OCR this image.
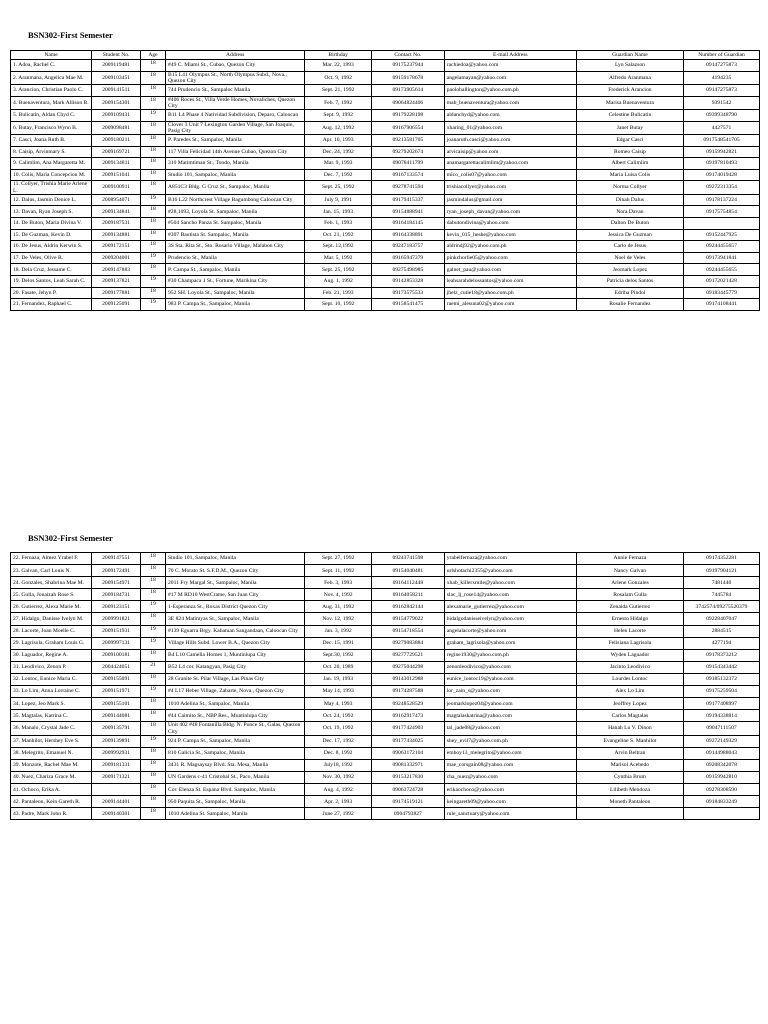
BSN302-First Semester
Name	Student No.	Age	Address	Birthday	Contact No.	E-mail Address	Guardian Name	Number of Guardian
1. Adoa, Rachel C.	2009119481	18	#49 C. Miami St., Cubao, Quezon City	Mar. 22, 1993	09175237944	rachiedoa@yahoo.com	Lyn Salazson	09147275873
2. Aranmana, Angelica Mae M.	2009103451	18	B15 L41 Olympus St., North Olympus Subd., Nova., Quezon City	Oct. 9, 1992	09159178678	angelamayan@yahoo.com	Alfredo Aranmana	4194235
3. Arancion, Christian Paolo C.	2009141511	18	744 Prudencio St., Sampaloc Manila	Sept. 21, 1992	09173905614	paoloballington@yahoo.com.ph	Frederick Arancion	09147275873
4. Buenaventura, Mark Allison B.	2009154301	18	#406 Roces St., Villa Verde Homes, Novaliches, Quezon City	Feb. 7, 1992	09064824406	mab_buenaventura@yahoo.com	Marisa Buenaventura	9391542
5. Bulicatin, Aldan Chyd C.	2009109431	19	B11 L4 Phase 4 Natividad Subdivision, Deparo, Caloocan	Sept. 9, 1992	09179228198	aldanchyd@yahoo.com	Celestine Bulicatin	09399348790
6. Butay, Francisco Wynn B.	2009098481	18	Clover 3 Unit 7 Lexington Garden Village, San Joaquin, Pasig City	Aug. 12, 1992	09167906554	xharing_01@yahoo.com	Janet Butay	4427571
7. Casci, Joana Ruth B.	2009180211	18	P. Paredes St., Sampaloc, Manila	Apr. 10, 1993	09213581705	joanaruth.casci@yahoo.com	Edgar Casci	0917548541705
8. Caisip, Arvinmary S.	2009169721	18	117 Villa Felicidad 14th Avenue Cubao, Quezon City	Dec. 24, 1992	09279202674	arvicaisip@yahoo.com	Romeo Caisip	09159942821
9. Calimlim, Ana Margaretta M.	2009134811	18	310 Matimtiman St., Tondo, Manila	Mar. 9, 1993	09078411799	anamargarettacalimlim@yahoo.com	Albert Calimlim	09197810493
10. Colis, Maria Concepcion M.	2009151041	18	Studio 101, Sampaloc, Manila	Dec. 7, 1992	09167133574	mico_colis07@yahoo.com	Maria Luisa Colis	09174019428
11. Collyer, Trishia Marie Arlene L.	2009100911	18	A851C3 Bldg. G Cruz St., Sampaloc, Manila	Sept. 25, 1992	09278741594	trishiacollyer@yahoo.com	Norma Collyer	09272313354
12. Dalus, Jasmin Denice L.	2008954071	19	B16 L22 Northcrest Village Bagumbong Caloocan City	July 9, 1991	09179415337	jasmindalus@gmail.com	Dinah Dalus	09178137224
13. Davan, Ryan Joseph S.	2009134841	18	#28,1093, Loyola St. Sampaloc, Manila	Jan. 15, 1993	09154888941	ryan_joseph_davan@yahoo.com	Nora Davan	09175754854
14. De Buton, Maria Divina V.	2009187531	18	#504 Sancho Panza St. Sampaloc, Manila	Feb. 1, 1993	09164184145	dabutondivina@yahoo.com	Dalton De Buton	
15. De Guzman, Kevin D.	2009134881	18	#307 Bautista St. Sampaloc, Manila	Oct. 21, 1992	09164338891	kevin_015_heshe@yahoo.com	Jessica De Guzman	09152447925
16. De Jesus, Aldrin Kerwin S.	2009172151	18	3S Sta. Rita St., Sto. Rosario Village, Malabon City	Sept. 12,1992	09247183757	aldrindj92@yahoo.com.ph	Carlo de Jesus	09244455657
17. De Veles, Olive R.	2009204001	19	Prudencio St., Manila	Mar. 5, 1992	09165947379	pinkchorlie05@yahoo.com	Noel de Veles	09173941841
18. Dela Cruz, Jessame C.	2009147883	18	P. Campa St., Sampaloc, Manila	Sept. 25, 1992	09275498985	galnet_pau@yahoo.com	Jeomark Lopez	09244455655
19. Delos Santos, Leah Sarah C.	2009137821	19	#30 Champaca 1 St., Fortune, Marikina City	Aug. 1, 1992	09142853328	leahsarahdelossantos@yahoo.com	Patricia delos Santos	09172021428
20. Fasate, Jehyn P.	2009177881	18	952 SH. Loyola St., Sampaloc, Manila	Feb. 21, 1993	09173575533	jhelz_cutie18@yahoo.com.ph	Edriha Pindol	09183445779
21. Fernandez, Raphael C.	2009125091	19	983 P. Campa St., Sampaloc, Manila	Sept. 10, 1992	09158541475	raemi_alesuna02@yahoo.com	Rosalie Fernandez	09174108441
BSN302-First Semester
22. Fernaza, Almez Yrabel F.	2009147551	18	Studio 101, Sampaloc, Manila	Sept. 27, 1992	09243741598	yrabelfernaza@yahoo.com	Annie Fernaza	09174352281
23. Galvan, Carl Louis N.	2009172491	18	70 C. Morato St. S.F.D.M., Quezon City	Sept. 11, 1992	09154040481	urlshotachi2355@yahoo.com	Nancy Galvan	09197904121
24. Gonzales, Shabrina Mae M.	2009154971	18	2011 Fry Margal St., Sampaloc, Manila	Feb. 3, 1993	09164112448	xhab_killerxmile@yahoo.com	Arlene Gonzales	7481440
25. Gulla, Jonaizah Rose S.	2009184731	18	#17 M RD10 WestCrame, San Juan City	Nov. 4, 1992	09164058211	slac_lj_rose14@yahoo.com	Rosalam Gulla	7445784
26. Gutierrez, Alexa Marie M.	2009123151	19	1-Esperanza St., Roxas District Quezon City	Aug. 31, 1992	09162842144	alexamarie_gutierrez@yahoo.com	Zenaida Gutierrez	3742574/09275520379
27. Hidalgo, Danisse Ivelyn M.	2009991821	18	3E 824 Matimyas St., Sampaloc, Manila	Nov. 12, 1992	09154779022	hidalgodanisseivelyn@yahoo.com	Ernesto Hidalgo	09228407047
28. Lacorte, Joan Moelle C.	2009151931	19	#139 Eguarra Brgy. Kabatuan Sangandaan, Caloocan City	Jan. 3, 1992	09154718554	angelalacorte@yahoo.com	Helen Lacorte	2884515
29. Lagrisola, Graham Louis G.	2009997131	19	Village Hills Subd. Lower B.A., Quezon City	Dec. 15, 1991	09279083884	graham_lagrisola@yahoo.com	Felisiana Lagrisola	4277194
30. Laguador, Regine A.	2009100181	18	B4 L10 Camella Homes 1, Muntinlupa City	Sept.30, 1992	09277729521	regine1930@yahoo.com.ph	Wyden Laguador	09178373212
31. Leodivico, Zenon P.	2004424051	21	B52 L4 cor. Katangyan, Pasig City	Oct. 20, 1989	09275044298	zenonleodivico@yahoo.com	Jacinto Leodivico	09154343442
32. Lontoc, Eunice Maria C.	2009155091	18	28 Granite St. Pilar Village, Las Pinas City	Jan. 19, 1993	09143012988	eunice_lontoc19@yahoo.com	Lourdes Lontoc	09185132372
33. Lo Lim, Anna Lorraine C.	2009151971	19	#4 L17 Heber Village, Zabarte, Nova., Quezon City	May 14, 1993	09174287588	lor_zain_s@yahoo.com	Alex Lo Lim	09175259504
34. Lopez, Jeo Mark S.	2009155101	18	1010 Adelina St., Sampaloc, Manila	May 4, 1993	09248528529	jeomarklopez04@yahoo.com	Jeoffrey Lopez	09177408997
35. Magtalas, Katrina C.	2009144081	18	#44 Caimito St., NBP Res., Muntinlupa City	Oct. 24, 1992	09162917473	magtalaskatrina@yahoo.com	Carlos Magtalas	09194338814
36. Manalo, Crystal Jade C.	2009135791	18	Unit 402 #48 Fontanilla Bldg. N. Ponce St., Galas, Quezon City	Oct. 19, 1992	09177424903	tal_jade08@yahoo.com	Hanah Lu V. Dinon	09047111507
37. Manhilot, Hershey Eve S.	2009139891	19	924 P. Campa St., Sampaloc, Manila	Dec. 17, 1992	09177434025	shey_evil7@yahoo.com.ph	Evangeline S. Manhilot	09272149329
38. Melegrito, Emanuel N.	2009992931	18	810 Galicia St., Sampaloc, Manila	Dec. 8, 1992	09063172104	emboy13_melegrito@yahoo.com	Arvin Beltran	09144988043
39. Monzote, Rachel Mae M.	2009181331	18	3431 R. Magsaysay Blvd. Sta. Mesa, Manila	July18, 1992	09081332971	mae_corsgain08@yahoo.com	Marisol Acebedo	09208342078
40. Nuez, Chariza Grace M.	2009171321	18	UN Gardens c-41 Cristobal St., Paco, Manila	Nov. 30, 1992	09153217830	cha_nuez@yahoo.com	Cynthia Brum	09159942810
41. Ochoco, Erika A.		18	Cor. Elenza St. Espana Blvd. Sampaloc, Manila	Aug. 4, 1992	09063724728	erikaochoco@yahoo.com	Lilibeth Mendoza	09278308590
42. Pantaleon, Kein Gareth R.	2009144401	18	950 Paquita St., Sampaloc, Manila	Apr. 2, 1993	09174519121	keingareth09@yahoo.com	Moneth Pantaleon	09184833249
43. Padre, Mark John R.	2009140301	18	1010 Adelina St. Sampaloc, Manila	June 27, 1992	0904793827	rule_sanctuary@yahoo.com		
